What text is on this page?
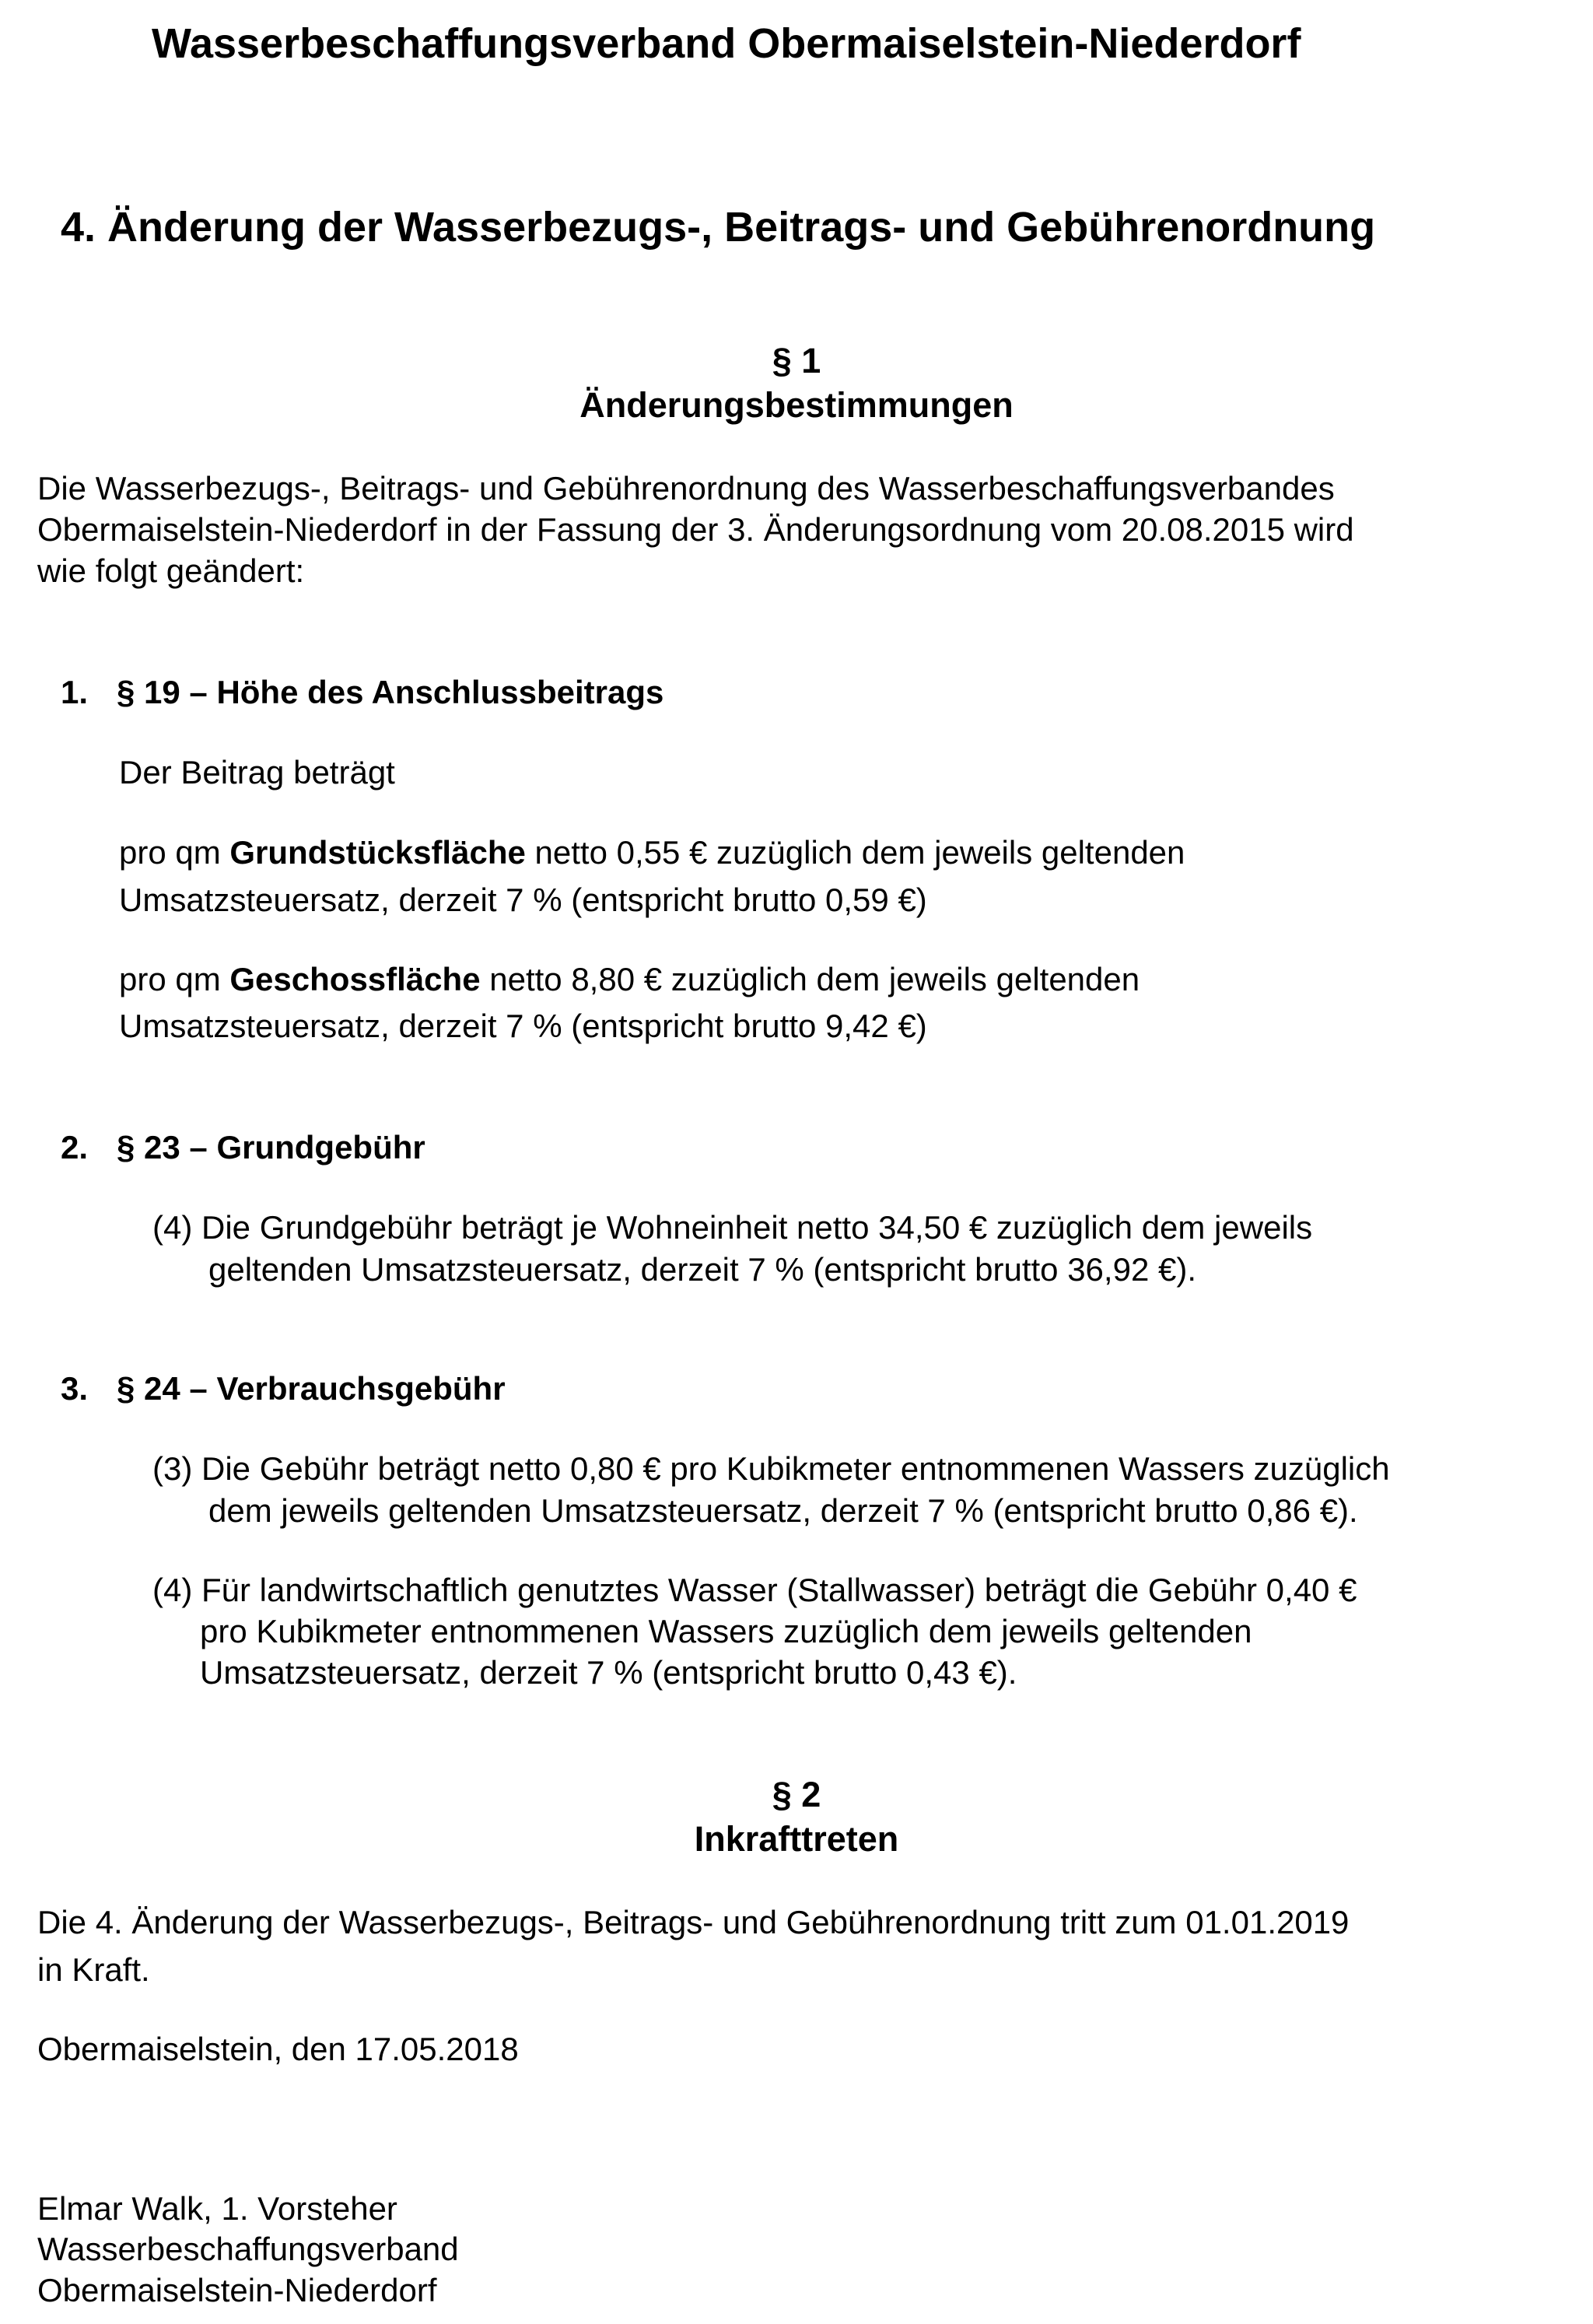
Wasserbeschaffungsverband Obermaiselstein-Niederdorf
4. Änderung der Wasserbezugs-, Beitrags- und Gebührenordnung
§ 1
Änderungsbestimmungen
Die Wasserbezugs-, Beitrags- und Gebührenordnung des Wasserbeschaffungsverbandes
Obermaiselstein-Niederdorf in der Fassung der 3. Änderungsordnung vom 20.08.2015 wird
wie folgt geändert:
1. § 19 – Höhe des Anschlussbeitrags
Der Beitrag beträgt
pro qm Grundstücksfläche netto 0,55 € zuzüglich dem jeweils geltenden
Umsatzsteuersatz, derzeit 7 % (entspricht brutto 0,59 €)
pro qm Geschossfläche netto 8,80 € zuzüglich dem jeweils geltenden
Umsatzsteuersatz, derzeit 7 % (entspricht brutto 9,42 €)
2. § 23 – Grundgebühr
(4) Die Grundgebühr beträgt je Wohneinheit netto 34,50 € zuzüglich dem jeweils
geltenden Umsatzsteuersatz, derzeit 7 % (entspricht brutto 36,92 €).
3. § 24 – Verbrauchsgebühr
(3) Die Gebühr beträgt netto 0,80 € pro Kubikmeter entnommenen Wassers zuzüglich
dem jeweils geltenden Umsatzsteuersatz, derzeit 7 % (entspricht brutto 0,86 €).
(4) Für landwirtschaftlich genutztes Wasser (Stallwasser) beträgt die Gebühr 0,40 €
pro Kubikmeter entnommenen Wassers zuzüglich dem jeweils geltenden
Umsatzsteuersatz, derzeit 7 % (entspricht brutto 0,43 €).
§ 2
Inkrafttreten
Die 4. Änderung der Wasserbezugs-, Beitrags- und Gebührenordnung tritt zum 01.01.2019
in Kraft.
Obermaiselstein, den 17.05.2018
Elmar Walk, 1. Vorsteher
Wasserbeschaffungsverband
Obermaiselstein-Niederdorf
